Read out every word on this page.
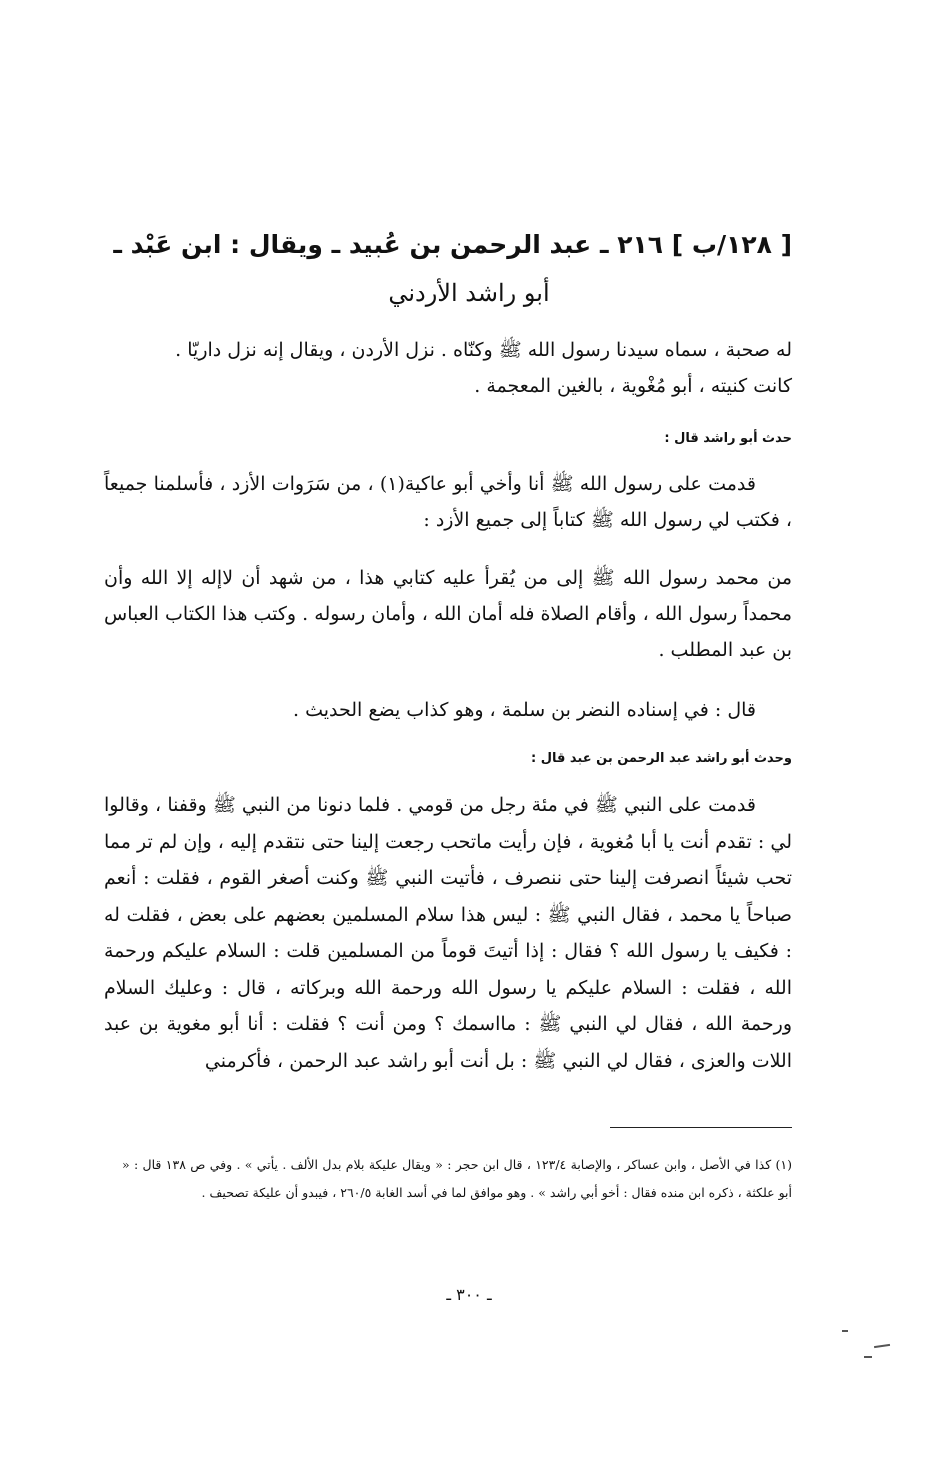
[ ١٢٨/ب ] ٢١٦ ـ عبد الرحمن بن عُبيد ـ ويقال : ابن عَبْد ـ
أبو راشد الأردني
له صحبة ، سماه سيدنا رسول الله ﷺ وكنّاه . نزل الأردن ، ويقال إنه نزل داريّا .
كانت كنيته ، أبو مُغْوية ، بالغين المعجمة .
حدث أبو راشد قال :
قدمت على رسول الله ﷺ أنا وأخي أبو عاكية(١) ، من سَرَوات الأزد ، فأسلمنا جميعاً ، فكتب لي رسول الله ﷺ كتاباً إلى جميع الأزد :
من محمد رسول الله ﷺ إلى من يُقرأ عليه كتابي هذا ، من شهد أن لاإله إلا الله وأن محمداً رسول الله ، وأقام الصلاة فله أمان الله ، وأمان رسوله . وكتب هذا الكتاب العباس بن عبد المطلب .
قال : في إسناده النضر بن سلمة ، وهو كذاب يضع الحديث .
وحدث أبو راشد عبد الرحمن بن عبد قال :
قدمت على النبي ﷺ في مئة رجل من قومي . فلما دنونا من النبي ﷺ وقفنا ، وقالوا لي : تقدم أنت يا أبا مُغوية ، فإن رأيت ماتحب رجعت إلينا حتى نتقدم إليه ، وإن لم تر مما تحب شيئاً انصرفت إلينا حتى ننصرف ، فأتيت النبي ﷺ وكنت أصغر القوم ، فقلت : أنعم صباحاً يا محمد ، فقال النبي ﷺ : ليس هذا سلام المسلمين بعضهم على بعض ، فقلت له : فكيف يا رسول الله ؟ فقال : إذا أتيتَ قوماً من المسلمين قلت : السلام عليكم ورحمة الله ، فقلت : السلام عليكم يا رسول الله ورحمة الله وبركاته ، قال : وعليك السلام ورحمة الله ، فقال لي النبي ﷺ : مااسمك ؟ ومن أنت ؟ فقلت : أنا أبو مغوية بن عبد اللات والعزى ، فقال لي النبي ﷺ : بل أنت أبو راشد عبد الرحمن ، فأكرمني
(١) كذا في الأصل ، وابن عساكر ، والإصابة ١٢٣/٤ ، قال ابن حجر : « ويقال عليكة بلام بدل الألف . يأتي » . وفي ص ١٣٨ قال : « أبو علكثة ، ذكره ابن منده فقال : أخو أبي راشد » . وهو موافق لما في أسد الغابة ٢٦٠/٥ ، فيبدو أن عليكة تصحيف .
ـ ٣٠٠ ـ
